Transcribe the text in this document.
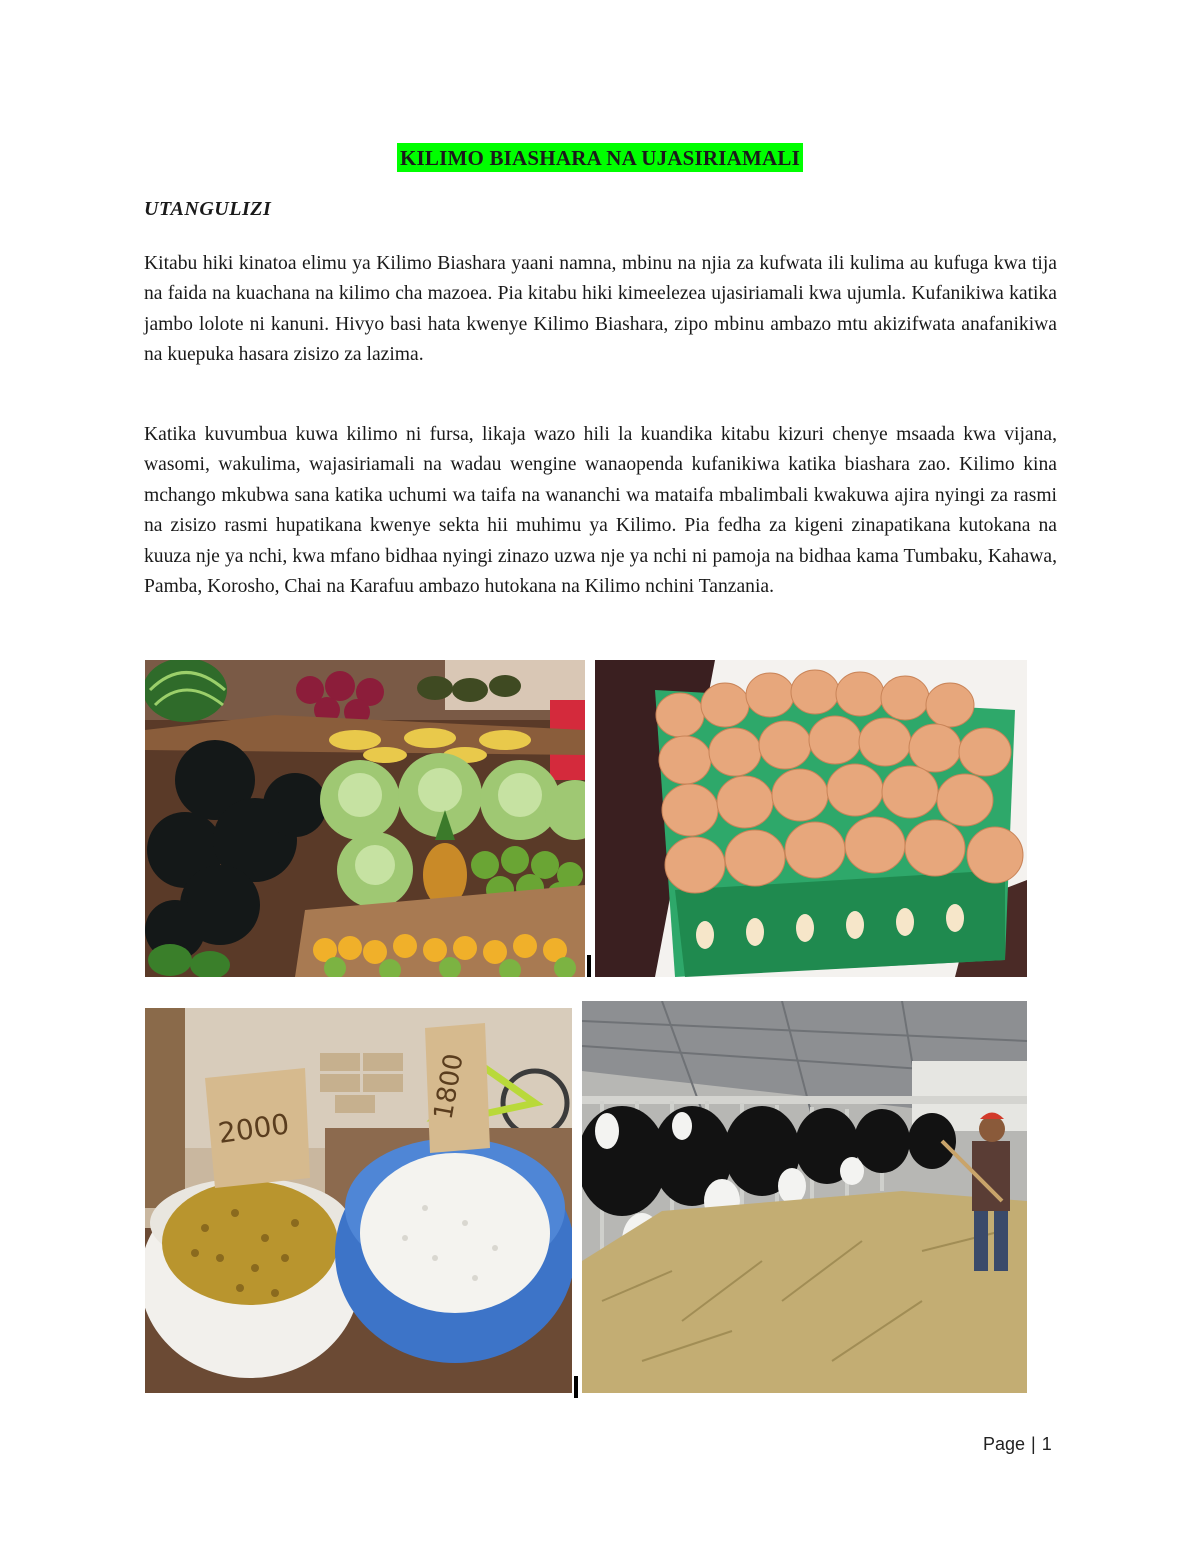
KILIMO BIASHARA NA UJASIRIAMALI
UTANGULIZI

Kitabu hiki kinatoa elimu ya Kilimo Biashara yaani namna, mbinu na njia za kufwata ili kulima au kufuga kwa tija na faida na kuachana na kilimo cha mazoea. Pia kitabu hiki kimeelezea ujasiriamali kwa ujumla. Kufanikiwa katika jambo lolote ni kanuni. Hivyo basi hata kwenye Kilimo Biashara, zipo mbinu ambazo mtu akizifwata anafanikiwa na kuepuka hasara zisizo za lazima.

Katika kuvumbua kuwa kilimo ni fursa, likaja wazo hili la kuandika kitabu kizuri chenye msaada kwa vijana, wasomi, wakulima, wajasiriamali na wadau wengine wanaopenda kufanikiwa katika biashara zao. Kilimo kina mchango mkubwa sana katika uchumi wa taifa na wananchi wa mataifa mbalimbali kwakuwa ajira nyingi za rasmi na zisizo rasmi hupatikana kwenye sekta hii muhimu ya Kilimo. Pia fedha za kigeni zinapatikana kutokana na kuuza nje ya nchi, kwa mfano bidhaa nyingi zinazo uzwa nje ya nchi ni pamoja na bidhaa kama Tumbaku, Kahawa, Pamba, Korosho, Chai na Karafuu ambazo hutokana na Kilimo nchini Tanzania.

2000
1800
Page | 1
